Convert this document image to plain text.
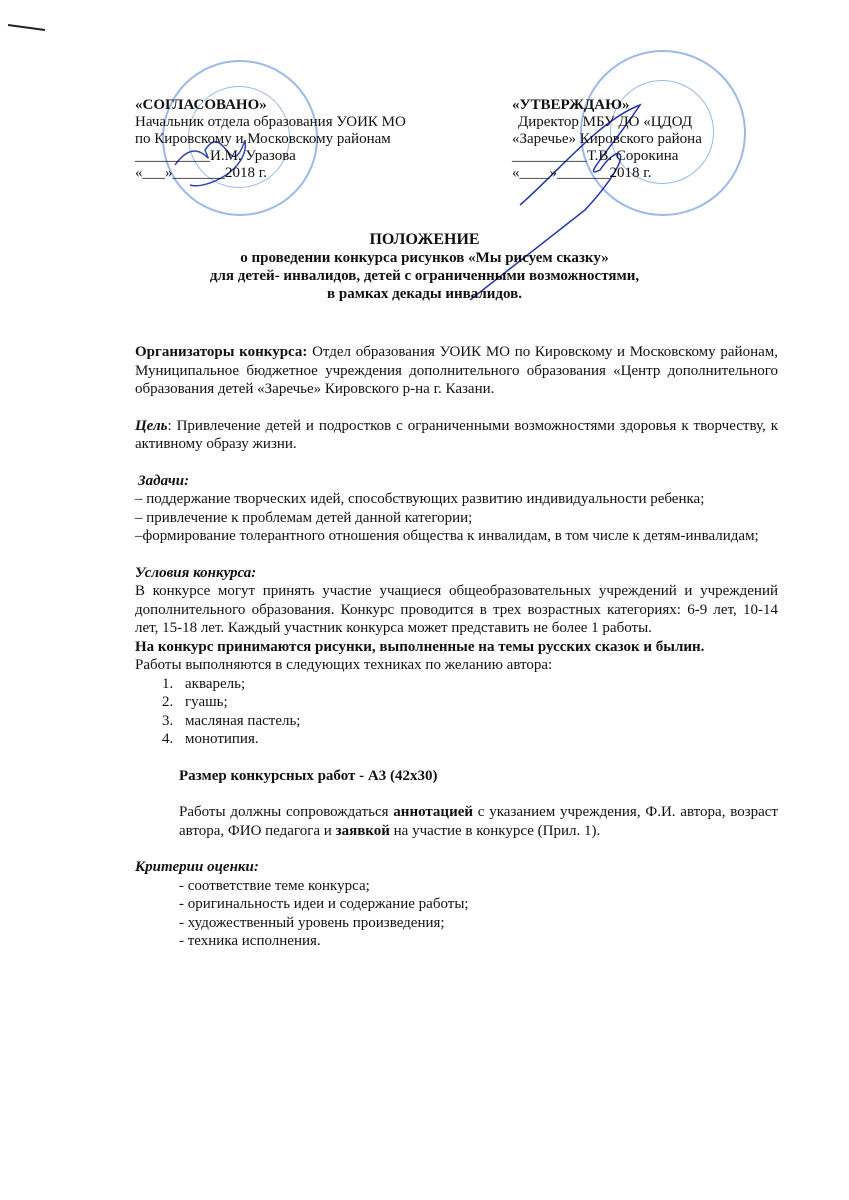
«СОГЛАСОВАНО»
Начальник отдела образования УОИК МО
по Кировскому и Московскому районам
__________И.М. Уразова
«___»_______2018 г.
«УТВЕРЖДАЮ»
Директор МБУ ДО «ЦДОД
«Заречье» Кировского района
__________Т.В. Сорокина
«____»_______2018 г.
ПОЛОЖЕНИЕ
о проведении конкурса рисунков «Мы рисуем сказку»
для детей- инвалидов, детей с ограниченными возможностями,
в рамках декады инвалидов.

Организаторы конкурса: Отдел образования УОИК МО по Кировскому и Московскому районам, Муниципальное бюджетное учреждения дополнительного образования «Центр дополнительного образования детей «Заречье» Кировского р-на г. Казани.

Цель: Привлечение детей и подростков с ограниченными возможностями здоровья к творчеству, к активному образу жизни.

Задачи:

– поддержание творческих идей, способствующих развитию индивидуальности ребенка;

– привлечение к проблемам детей данной категории;

–формирование толерантного отношения общества к инвалидам, в том числе к детям-инвалидам;

Условия конкурса:

В конкурсе могут принять участие учащиеся общеобразовательных учреждений и учреждений дополнительного образования. Конкурс проводится в трех возрастных категориях: 6-9 лет, 10-14 лет, 15-18 лет. Каждый участник конкурса может представить не более 1 работы.

На конкурс принимаются рисунки, выполненные на темы русских сказок и былин.

Работы выполняются в следующих техниках по желанию автора:

1. акварель;
2. гуашь;
3. масляная пастель;
4. монотипия.

Размер конкурсных работ - А3 (42х30)

Работы должны сопровождаться аннотацией с указанием учреждения, Ф.И. автора, возраст автора, ФИО педагога и заявкой на участие в конкурсе (Прил. 1).

Критерии оценки:

- соответствие теме конкурса;

- оригинальность идеи и содержание работы;

- художественный уровень произведения;

- техника исполнения.
